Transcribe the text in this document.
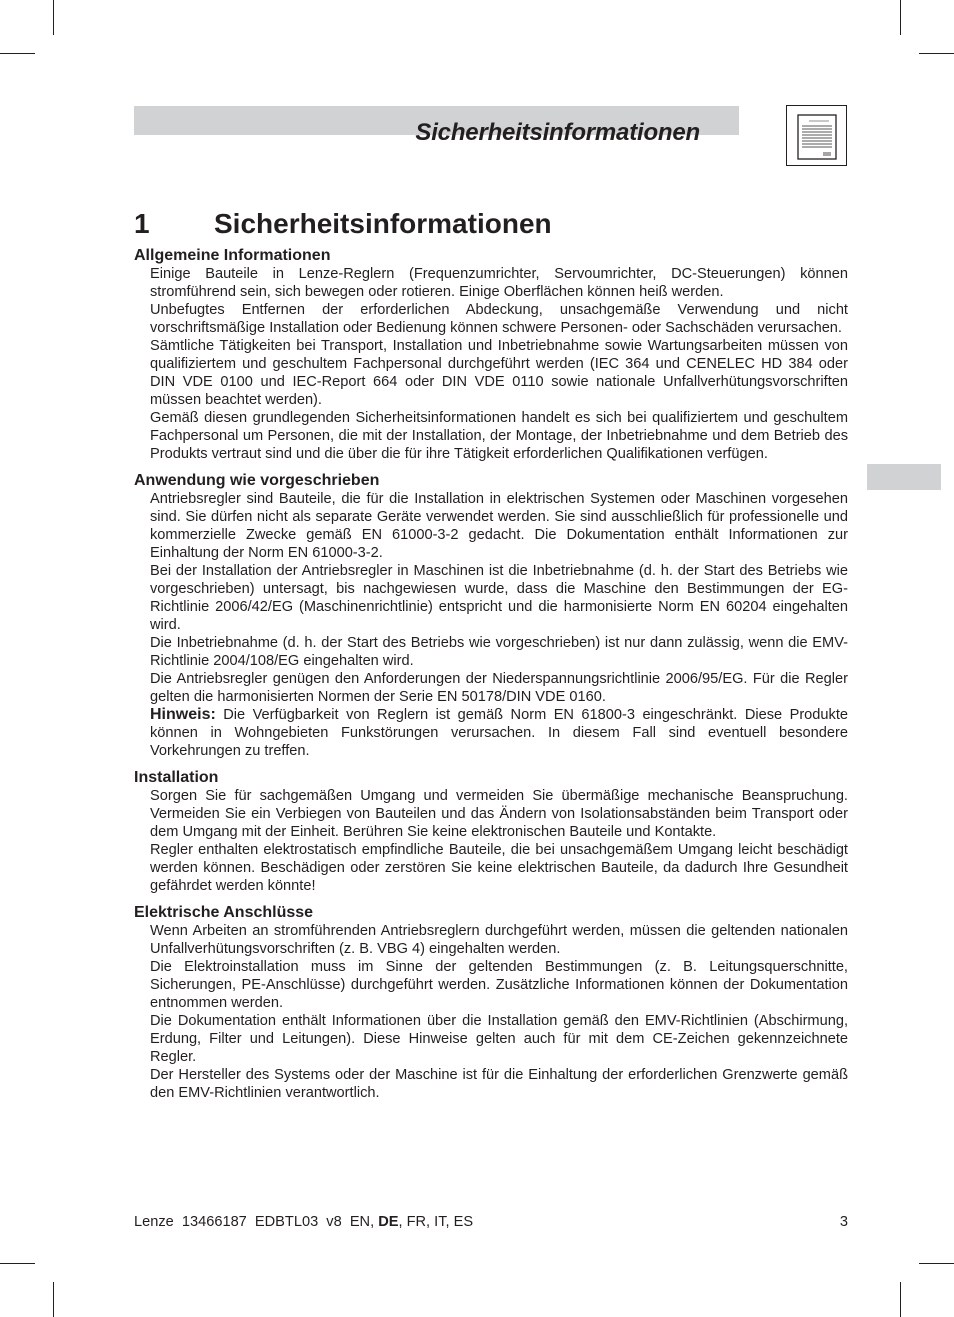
Sicherheitsinformationen
1 Sicherheitsinformationen

Allgemeine Informationen

Einige Bauteile in Lenze-Reglern (Frequenzumrichter, Servoumrichter, DC-Steuerungen) können stromführend sein, sich bewegen oder rotieren. Einige Oberflächen können heiß werden.

Unbefugtes Entfernen der erforderlichen Abdeckung, unsachgemäße Verwendung und nicht vorschriftsmäßige Installation oder Bedienung können schwere Personen- oder Sachschäden verursachen.

Sämtliche Tätigkeiten bei Transport, Installation und Inbetriebnahme sowie Wartungsarbeiten müssen von qualifiziertem und geschultem Fachpersonal durchgeführt werden (IEC 364 und CENELEC HD 384 oder DIN VDE 0100 und IEC-Report 664 oder DIN VDE 0110 sowie nationale Unfallverhütungsvorschriften müssen beachtet werden).

Gemäß diesen grundlegenden Sicherheitsinformationen handelt es sich bei qualifiziertem und geschultem Fachpersonal um Personen, die mit der Installation, der Montage, der Inbetriebnahme und dem Betrieb des Produkts vertraut sind und die über die für ihre Tätigkeit erforderlichen Qualifikationen verfügen.

Anwendung wie vorgeschrieben

Antriebsregler sind Bauteile, die für die Installation in elektrischen Systemen oder Maschinen vorgesehen sind. Sie dürfen nicht als separate Geräte verwendet werden. Sie sind ausschließlich für professionelle und kommerzielle Zwecke gemäß EN 61000-3-2 gedacht. Die Dokumentation enthält Informationen zur Einhaltung der Norm EN 61000-3-2.

Bei der Installation der Antriebsregler in Maschinen ist die Inbetriebnahme (d. h. der Start des Betriebs wie vorgeschrieben) untersagt, bis nachgewiesen wurde, dass die Maschine den Bestimmungen der EG-Richtlinie 2006/42/EG (Maschinenrichtlinie) entspricht und die harmonisierte Norm EN 60204 eingehalten wird.

Die Inbetriebnahme (d. h. der Start des Betriebs wie vorgeschrieben) ist nur dann zulässig, wenn die EMV-Richtlinie 2004/108/EG eingehalten wird.

Die Antriebsregler genügen den Anforderungen der Niederspannungsrichtlinie 2006/95/EG. Für die Regler gelten die harmonisierten Normen der Serie EN 50178/DIN VDE 0160.

Hinweis: Die Verfügbarkeit von Reglern ist gemäß Norm EN 61800-3 eingeschränkt. Diese Produkte können in Wohngebieten Funkstörungen verursachen. In diesem Fall sind eventuell besondere Vorkehrungen zu treffen.

Installation

Sorgen Sie für sachgemäßen Umgang und vermeiden Sie übermäßige mechanische Beanspruchung. Vermeiden Sie ein Verbiegen von Bauteilen und das Ändern von Isolationsabständen beim Transport oder dem Umgang mit der Einheit. Berühren Sie keine elektronischen Bauteile und Kontakte.

Regler enthalten elektrostatisch empfindliche Bauteile, die bei unsachgemäßem Umgang leicht beschädigt werden können. Beschädigen oder zerstören Sie keine elektrischen Bauteile, da dadurch Ihre Gesundheit gefährdet werden könnte!

Elektrische Anschlüsse

Wenn Arbeiten an stromführenden Antriebsreglern durchgeführt werden, müssen die geltenden nationalen Unfallverhütungsvorschriften (z. B. VBG 4) eingehalten werden.

Die Elektroinstallation muss im Sinne der geltenden Bestimmungen (z. B. Leitungsquerschnitte, Sicherungen, PE-Anschlüsse) durchgeführt werden. Zusätzliche Informationen können der Dokumentation entnommen werden.

Die Dokumentation enthält Informationen über die Installation gemäß den EMV-Richtlinien (Abschirmung, Erdung, Filter und Leitungen). Diese Hinweise gelten auch für mit dem CE-Zeichen gekennzeichnete Regler.

Der Hersteller des Systems oder der Maschine ist für die Einhaltung der erforderlichen Grenzwerte gemäß den EMV-Richtlinien verantwortlich.

Lenze  13466187  EDBTL03  v8  EN, DE, FR, IT, ES	3
